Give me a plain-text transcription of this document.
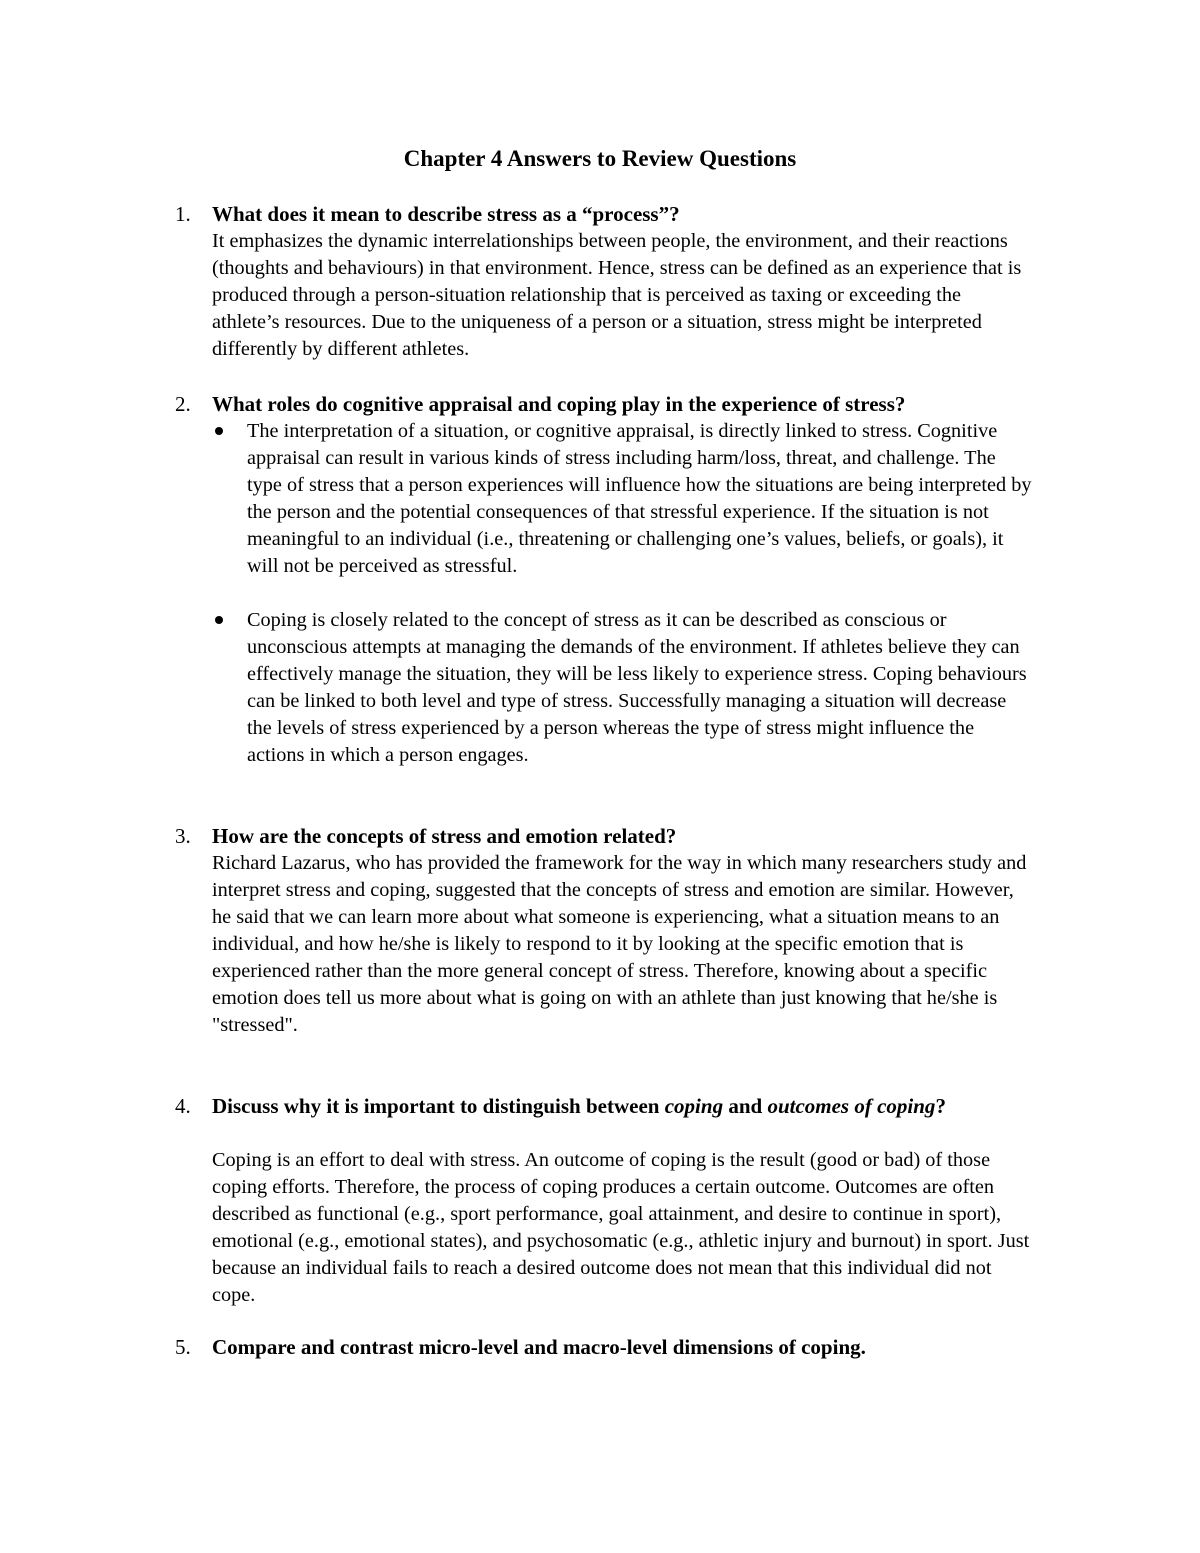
Chapter 4 Answers to Review Questions
1. What does it mean to describe stress as a “process”?

It emphasizes the dynamic interrelationships between people, the environment, and their reactions (thoughts and behaviours) in that environment. Hence, stress can be defined as an experience that is produced through a person-situation relationship that is perceived as taxing or exceeding the athlete’s resources. Due to the uniqueness of a person or a situation, stress might be interpreted differently by different athletes.

2. What roles do cognitive appraisal and coping play in the experience of stress?

The interpretation of a situation, or cognitive appraisal, is directly linked to stress. Cognitive appraisal can result in various kinds of stress including harm/loss, threat, and challenge. The type of stress that a person experiences will influence how the situations are being interpreted by the person and the potential consequences of that stressful experience. If the situation is not meaningful to an individual (i.e., threatening or challenging one’s values, beliefs, or goals), it will not be perceived as stressful.

Coping is closely related to the concept of stress as it can be described as conscious or unconscious attempts at managing the demands of the environment. If athletes believe they can effectively manage the situation, they will be less likely to experience stress. Coping behaviours can be linked to both level and type of stress. Successfully managing a situation will decrease the levels of stress experienced by a person whereas the type of stress might influence the actions in which a person engages.

3. How are the concepts of stress and emotion related?

Richard Lazarus, who has provided the framework for the way in which many researchers study and interpret stress and coping, suggested that the concepts of stress and emotion are similar. However, he said that we can learn more about what someone is experiencing, what a situation means to an individual, and how he/she is likely to respond to it by looking at the specific emotion that is experienced rather than the more general concept of stress. Therefore, knowing about a specific emotion does tell us more about what is going on with an athlete than just knowing that he/she is "stressed".

4. Discuss why it is important to distinguish between coping and outcomes of coping?

Coping is an effort to deal with stress. An outcome of coping is the result (good or bad) of those coping efforts. Therefore, the process of coping produces a certain outcome. Outcomes are often described as functional (e.g., sport performance, goal attainment, and desire to continue in sport), emotional (e.g., emotional states), and psychosomatic (e.g., athletic injury and burnout) in sport. Just because an individual fails to reach a desired outcome does not mean that this individual did not cope.

5. Compare and contrast micro-level and macro-level dimensions of coping.
